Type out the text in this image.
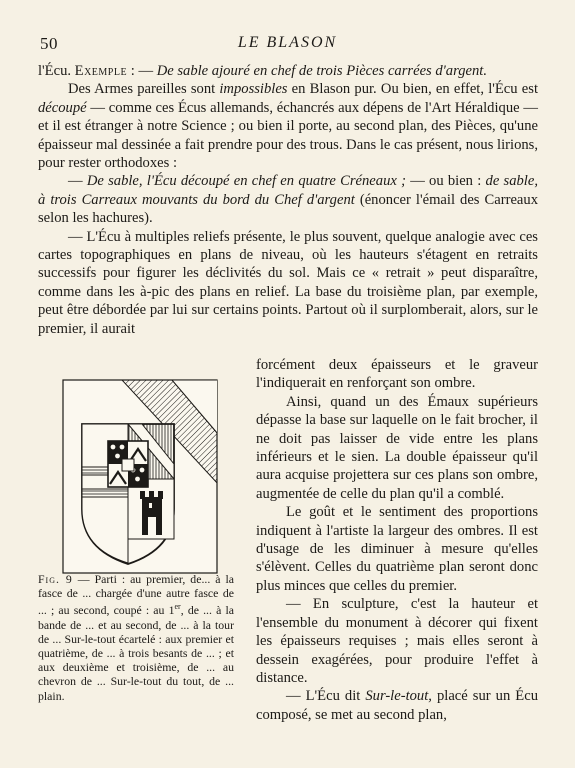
50	LE BLASON

l'Écu. Exemple : — De sable ajouré en chef de trois Pièces carrées d'argent.

Des Armes pareilles sont impossibles en Blason pur. Ou bien, en effet, l'Écu est découpé — comme ces Écus allemands, échancrés aux dépens de l'Art Héraldique — et il est étranger à notre Science ; ou bien il porte, au second plan, des Pièces, qu'une épaisseur mal dessinée a fait prendre pour des trous. Dans le cas présent, nous lirions, pour rester orthodoxes :

— De sable, l'Écu découpé en chef en quatre Créneaux ; — ou bien : de sable, à trois Carreaux mouvants du bord du Chef d'argent (énoncer l'émail des Carreaux selon les hachures).

— L'Écu à multiples reliefs présente, le plus souvent, quelque analogie avec ces cartes topographiques en plans de niveau, où les hauteurs s'étagent en retraits successifs pour figurer les déclivités du sol. Mais ce « retrait » peut disparaître, comme dans les à-pic des plans en relief. La base du troisième plan, par exemple, peut être débordée par lui sur certains points. Partout où il surplomberait, alors, sur le premier, il aurait

Fig. 9 — Parti : au premier, de... à la fasce de ... chargée d'une autre fasce de ... ; au second, coupé : au 1er, de ... à la bande de ... et au second, de ... à la tour de ... Sur-le-tout écartelé : aux premier et quatrième, de ... à trois besants de ... ; et aux deuxième et troisième, de ... au chevron de ... Sur-le-tout du tout, de ... plain.

forcément deux épaisseurs et le graveur l'indiquerait en renforçant son ombre.

Ainsi, quand un des Émaux supérieurs dépasse la base sur laquelle on le fait brocher, il ne doit pas laisser de vide entre les plans inférieurs et le sien. La double épaisseur qu'il aura acquise projettera sur ces plans son ombre, augmentée de celle du plan qu'il a comblé.

Le goût et le sentiment des proportions indiquent à l'artiste la largeur des ombres. Il est d'usage de les diminuer à mesure qu'elles s'élèvent. Celles du quatrième plan seront donc plus minces que celles du premier.

— En sculpture, c'est la hauteur et l'ensemble du monument à décorer qui fixent les épaisseurs requises ; mais elles seront à dessein exagérées, pour produire l'effet à distance.

— L'Écu dit Sur-le-tout, placé sur un Écu composé, se met au second plan,
